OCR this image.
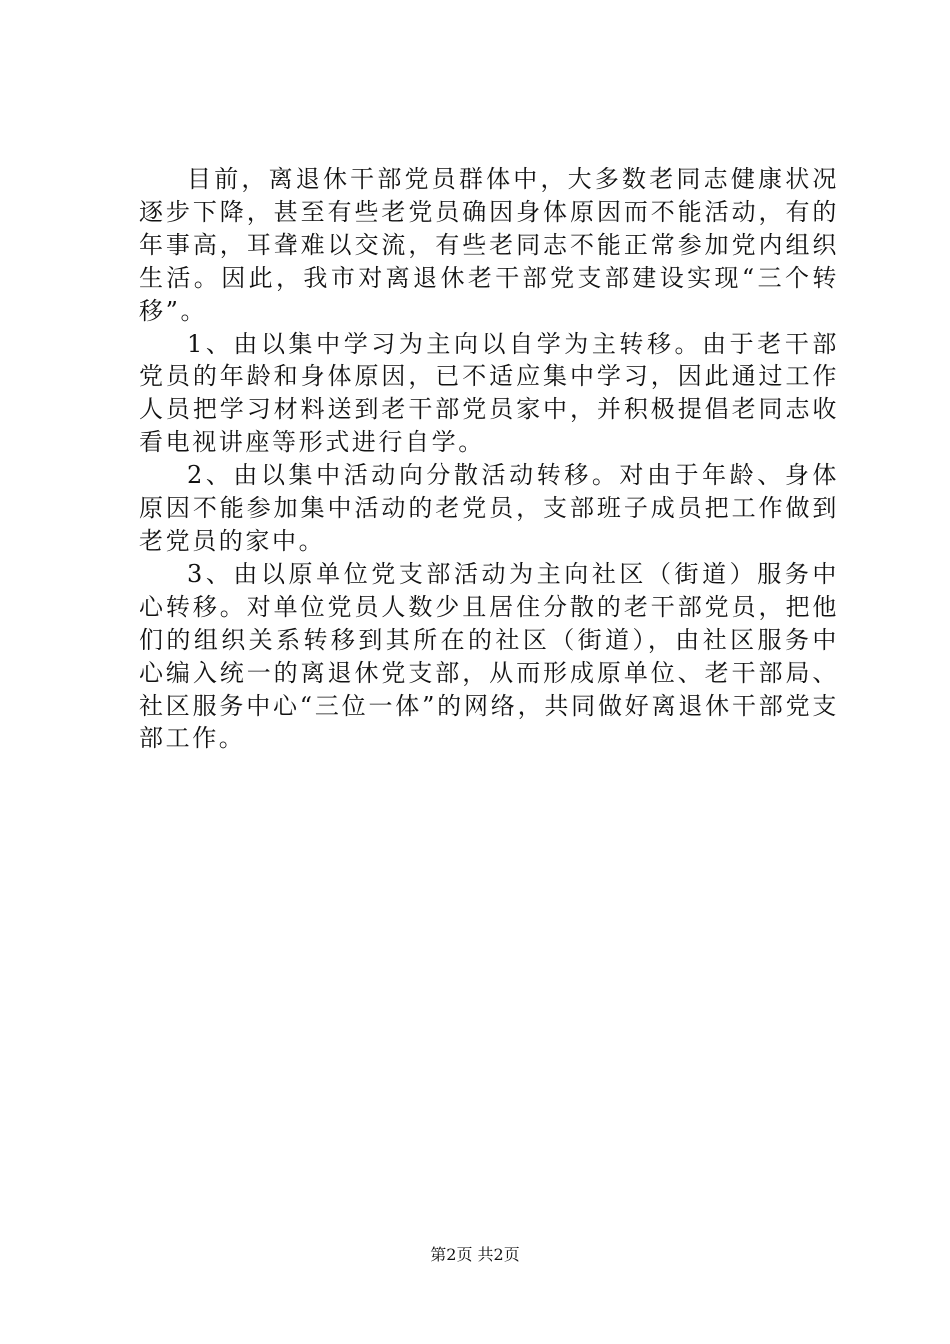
目前，离退休干部党员群体中，大多数老同志健康状况逐步下降，甚至有些老党员确因身体原因而不能活动，有的年事高，耳聋难以交流，有些老同志不能正常参加党内组织生活。因此，我市对离退休老干部党支部建设实现“三个转移”。

1、由以集中学习为主向以自学为主转移。由于老干部党员的年龄和身体原因，已不适应集中学习，因此通过工作人员把学习材料送到老干部党员家中，并积极提倡老同志收看电视讲座等形式进行自学。

2、由以集中活动向分散活动转移。对由于年龄、身体原因不能参加集中活动的老党员，支部班子成员把工作做到老党员的家中。

3、由以原单位党支部活动为主向社区（街道）服务中心转移。对单位党员人数少且居住分散的老干部党员，把他们的组织关系转移到其所在的社区（街道），由社区服务中心编入统一的离退休党支部，从而形成原单位、老干部局、社区服务中心“三位一体”的网络，共同做好离退休干部党支部工作。

第2页 共2页
